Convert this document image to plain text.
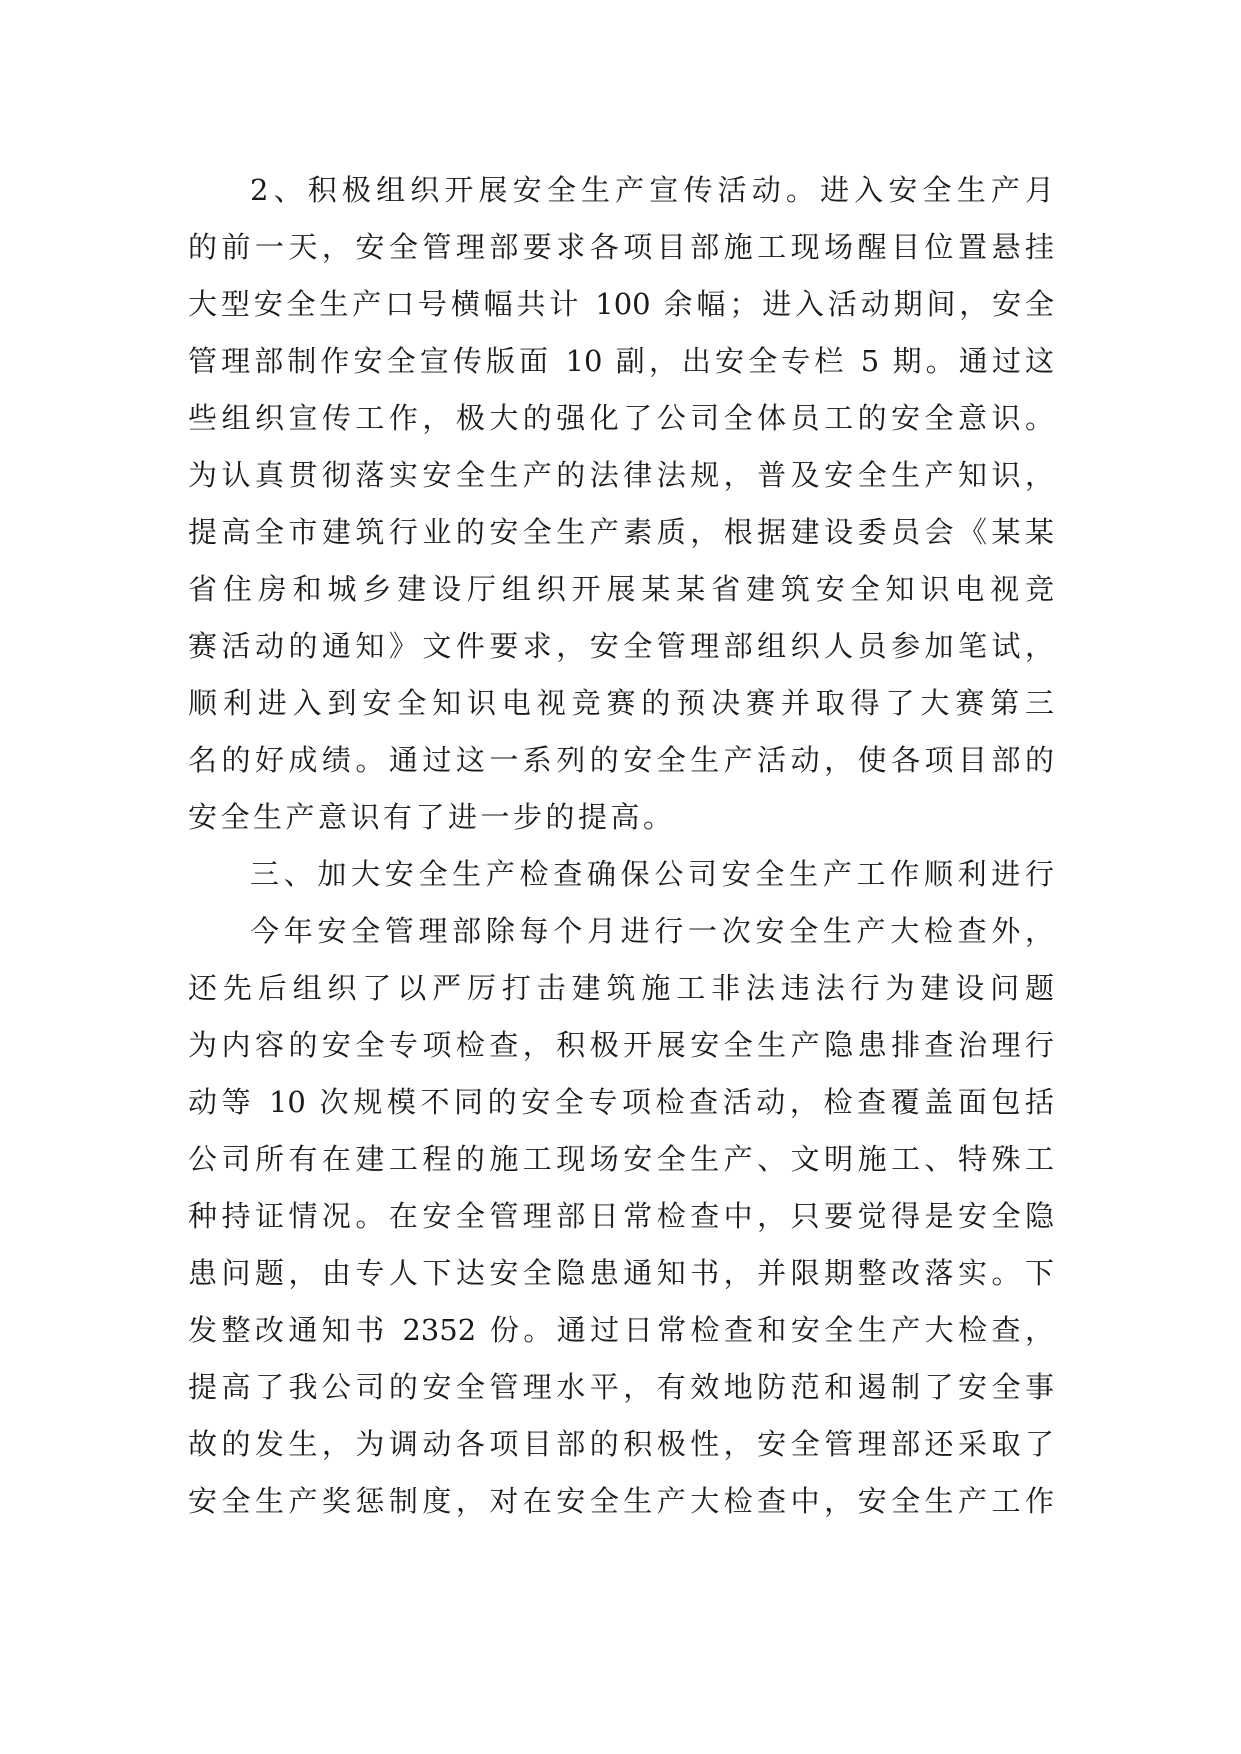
2、积极组织开展安全生产宣传活动。进入安全生产月
的前一天，安全管理部要求各项目部施工现场醒目位置悬挂
大型安全生产口号横幅共计 100 余幅；进入活动期间，安全
管理部制作安全宣传版面 10 副，出安全专栏 5 期。通过这
些组织宣传工作，极大的强化了公司全体员工的安全意识。
为认真贯彻落实安全生产的法律法规，普及安全生产知识，
提高全市建筑行业的安全生产素质，根据建设委员会《某某
省住房和城乡建设厅组织开展某某省建筑安全知识电视竞
赛活动的通知》文件要求，安全管理部组织人员参加笔试，
顺利进入到安全知识电视竞赛的预决赛并取得了大赛第三
名的好成绩。通过这一系列的安全生产活动，使各项目部的
安全生产意识有了进一步的提高。
三、加大安全生产检查确保公司安全生产工作顺利进行
今年安全管理部除每个月进行一次安全生产大检查外，
还先后组织了以严厉打击建筑施工非法违法行为建设问题
为内容的安全专项检查，积极开展安全生产隐患排查治理行
动等 10 次规模不同的安全专项检查活动，检查覆盖面包括
公司所有在建工程的施工现场安全生产、文明施工、特殊工
种持证情况。在安全管理部日常检查中，只要觉得是安全隐
患问题，由专人下达安全隐患通知书，并限期整改落实。下
发整改通知书 2352 份。通过日常检查和安全生产大检查，
提高了我公司的安全管理水平，有效地防范和遏制了安全事
故的发生，为调动各项目部的积极性，安全管理部还采取了
安全生产奖惩制度，对在安全生产大检查中，安全生产工作
